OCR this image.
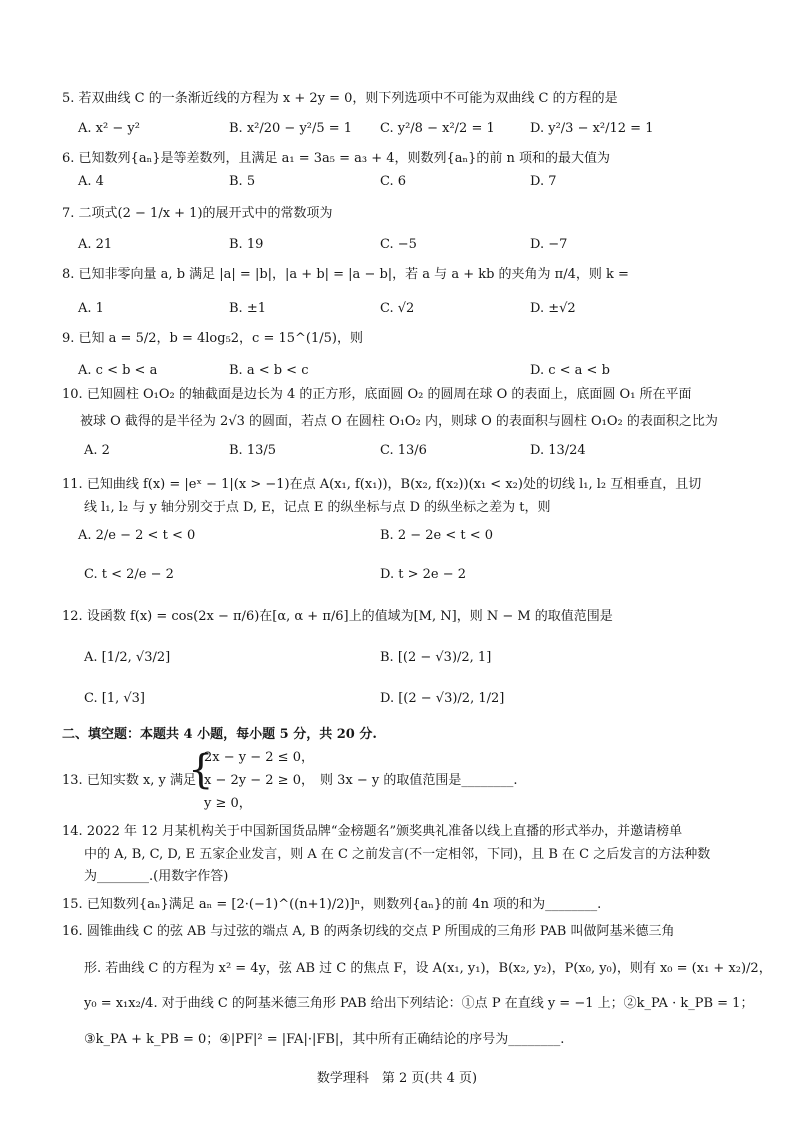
5. 若双曲线 C 的一条渐近线的方程为 x + 2y = 0，则下列选项中不可能为双曲线 C 的方程的是
A. x² − y²	B. x²/20 − y²/5 = 1 C. y²/8 − x²/2 = 1	D. y²/3 − x²/12 = 1
6. 已知数列{aₙ}是等差数列，且满足 a₁ = 3a₅ = a₃ + 4，则数列{aₙ}的前 n 项和的最大值为
A. 4	B. 5	C. 6	D. 7
7. 二项式(2 − 1/x + 1)的展开式中的常数项为
A. 21	B. 19	C. −5	D. −7
8. 已知非零向量 a, b 满足 |a| = |b|，|a + b| = |a − b|，若 a 与 a + kb 的夹角为 π/4，则 k =
A. 1	B. ±1	C. √2	D. ±√2
9. 已知 a = 5/2，b = 4log₅2，c = 15^(1/5)，则
A. c < b < a	B. a < b < c	D. c < a < b
10. 已知圆柱 O₁O₂ 的轴截面是边长为 4 的正方形，底面圆 O₂ 的圆周在球 O 的表面上，底面圆 O₁ 所在平面
被球 O 截得的是半径为 2√3 的圆面，若点 O 在圆柱 O₁O₂ 内，则球 O 的表面积与圆柱 O₁O₂ 的表面积之比为
A. 2	B. 13/5	C. 13/6	D. 13/24
11. 已知曲线 f(x) = |eˣ − 1|(x > −1)在点 A(x₁, f(x₁))，B(x₂, f(x₂))(x₁ < x₂)处的切线 l₁, l₂ 互相垂直，且切
线 l₁, l₂ 与 y 轴分别交于点 D, E，记点 E 的纵坐标与点 D 的纵坐标之差为 t，则
A. 2/e − 2 < t < 0	B. 2 − 2e < t < 0
C. t < 2/e − 2	D. t > 2e − 2
12. 设函数 f(x) = cos(2x − π/6)在[α, α + π/6]上的值域为[M, N]，则 N − M 的取值范围是
A. [1/2, √3/2]	B. [(2 − √3)/2, 1]
C. [1, √3]	D. [(2 − √3)/2, 1/2]
二、填空题：本题共 4 小题，每小题 5 分，共 20 分.
13. 已知实数 x, y 满足
{
2x − y − 2 ≤ 0，
x − 2y − 2 ≥ 0，
y ≥ 0，
则 3x − y 的取值范围是________.
14. 2022 年 12 月某机构关于中国新国货品牌“金榜题名”颁奖典礼准备以线上直播的形式举办，并邀请榜单
中的 A, B, C, D, E 五家企业发言，则 A 在 C 之前发言(不一定相邻，下同)，且 B 在 C 之后发言的方法种数
为________.(用数字作答)
15. 已知数列{aₙ}满足 aₙ = [2·(−1)^((n+1)/2)]ⁿ，则数列{aₙ}的前 4n 项的和为________.
16. 圆锥曲线 C 的弦 AB 与过弦的端点 A, B 的两条切线的交点 P 所围成的三角形 PAB 叫做阿基米德三角
形. 若曲线 C 的方程为 x² = 4y，弦 AB 过 C 的焦点 F，设 A(x₁, y₁)，B(x₂, y₂)，P(x₀, y₀)，则有 x₀ = (x₁ + x₂)/2，
y₀ = x₁x₂/4. 对于曲线 C 的阿基米德三角形 PAB 给出下列结论：①点 P 在直线 y = −1 上；②k_PA · k_PB = 1；
③k_PA + k_PB = 0；④|PF|² = |FA|·|FB|，其中所有正确结论的序号为________.
数学理科　第 2 页(共 4 页)
